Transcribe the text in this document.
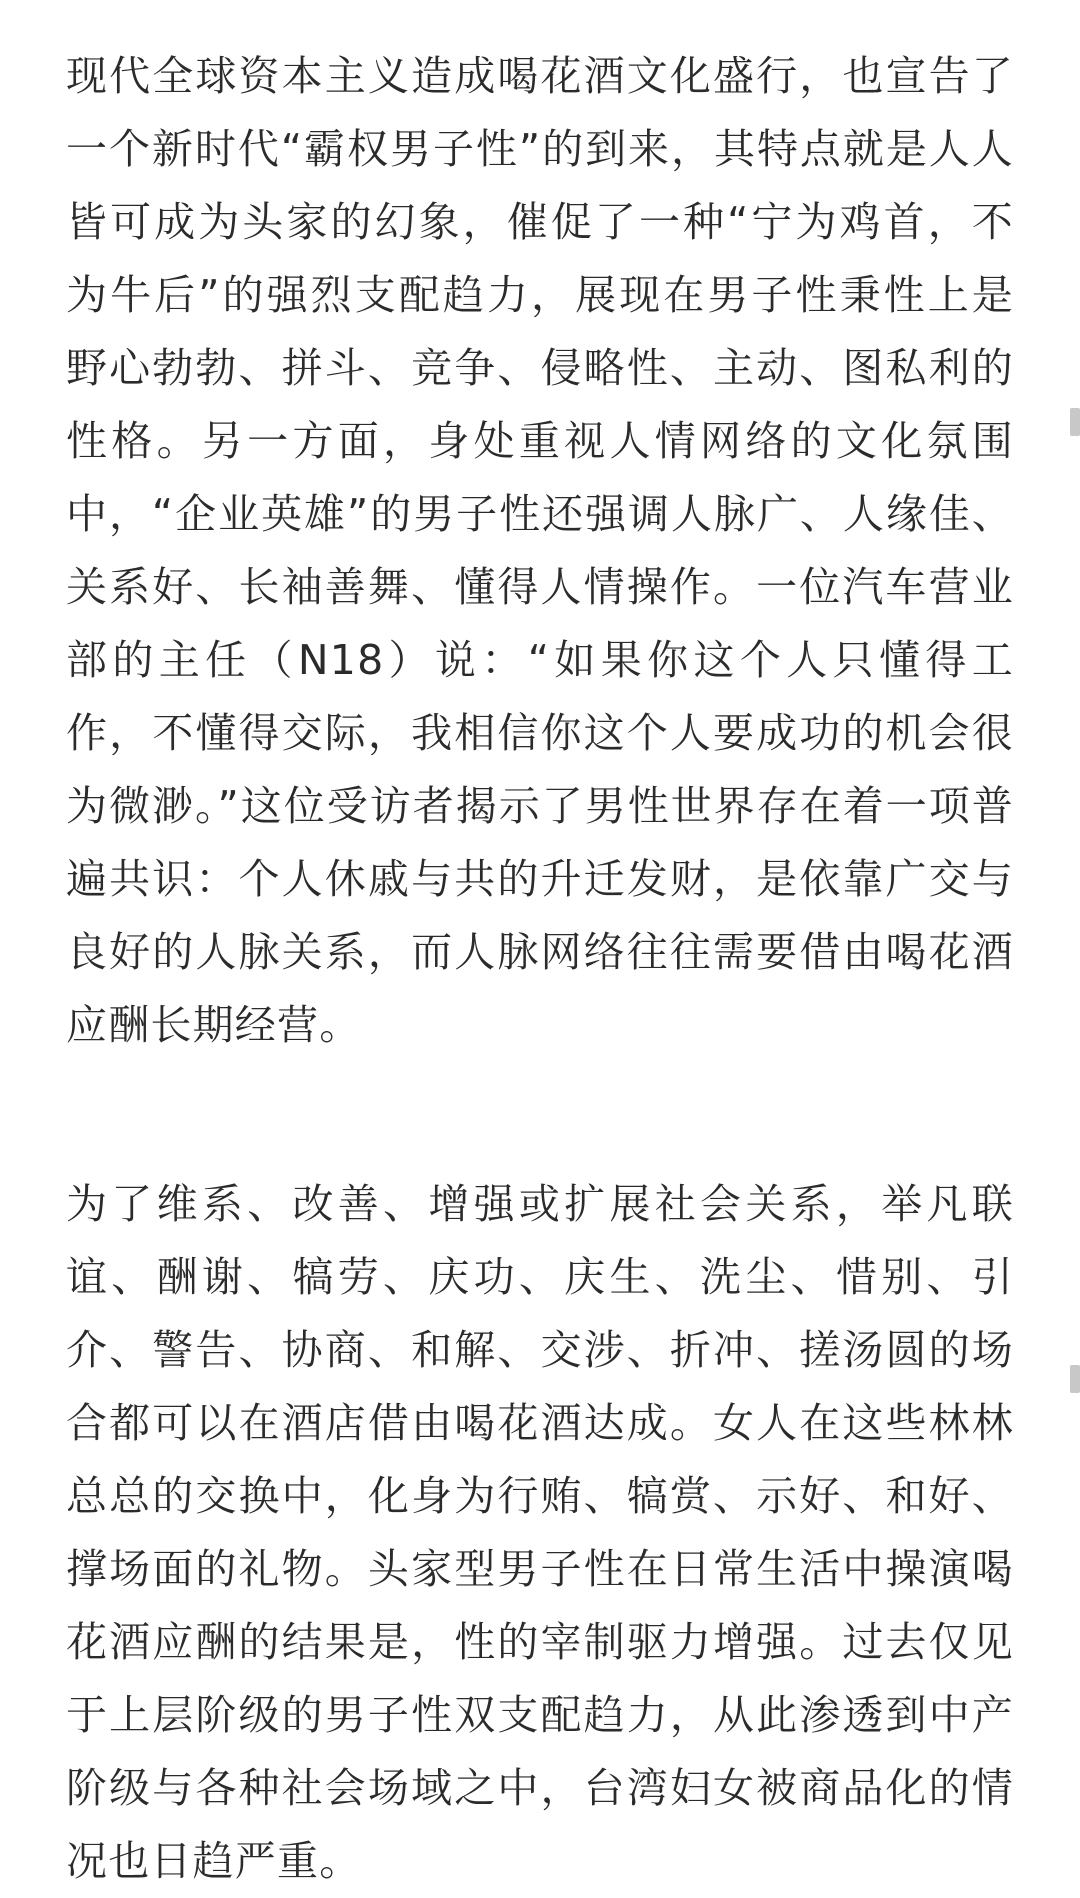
现代全球资本主义造成喝花酒文化盛行，也宣告了一个新时代“霸权男子性”的到来，其特点就是人人皆可成为头家的幻象，催促了一种“宁为鸡首，不为牛后”的强烈支配趋力，展现在男子性秉性上是野心勃勃、拼斗、竞争、侵略性、主动、图私利的性格。另一方面，身处重视人情网络的文化氛围中，“企业英雄”的男子性还强调人脉广、人缘佳、关系好、长袖善舞、懂得人情操作。一位汽车营业部的主任（N18）说：“如果你这个人只懂得工作，不懂得交际，我相信你这个人要成功的机会很为微渺。”这位受访者揭示了男性世界存在着一项普遍共识：个人休戚与共的升迁发财，是依靠广交与良好的人脉关系，而人脉网络往往需要借由喝花酒应酬长期经营。

为了维系、改善、增强或扩展社会关系，举凡联谊、酬谢、犒劳、庆功、庆生、洗尘、惜别、引介、警告、协商、和解、交涉、折冲、搓汤圆的场合都可以在酒店借由喝花酒达成。女人在这些林林总总的交换中，化身为行贿、犒赏、示好、和好、撑场面的礼物。头家型男子性在日常生活中操演喝花酒应酬的结果是，性的宰制驱力增强。过去仅见于上层阶级的男子性双支配趋力，从此渗透到中产阶级与各种社会场域之中，台湾妇女被商品化的情况也日趋严重。
